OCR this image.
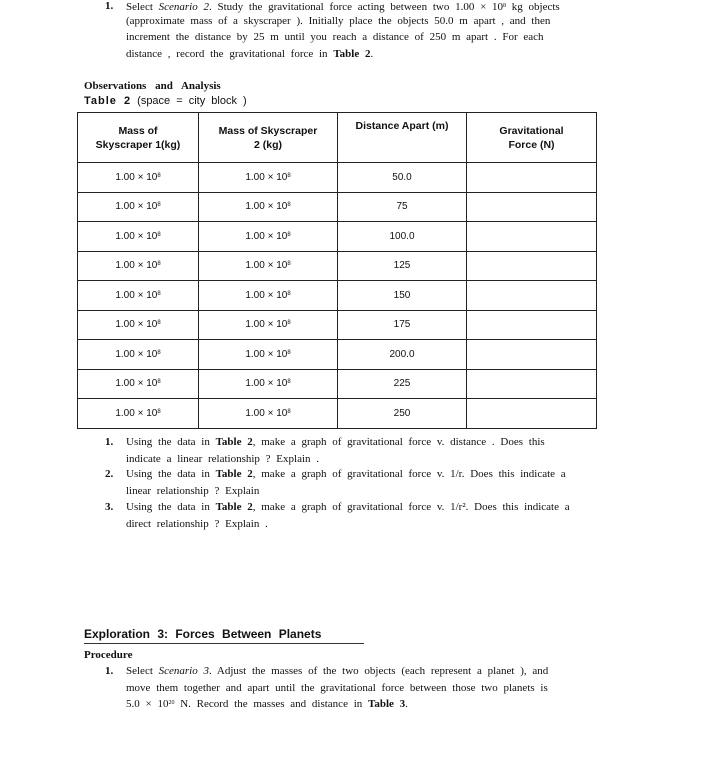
1. Select Scenario 2. Study the gravitational force acting between two $1.00 \times 10^8$ kg objects
(approximate mass of a skyscraper ). Initially place the objects 50.0 m apart , and then
increment the distance by 25 m until you reach a distance of 250 m apart . For each
distance , record the gravitational force in Table 2.
Observations and Analysis
Table 2 (space = city block )
Mass of
Skyscraper 1(kg)	Mass of Skyscraper
2 (kg)	Distance Apart (m)	Gravitational
Force (N)
$1.00 \times 10^8$	$1.00 \times 10^8$	50.0	
$1.00 \times 10^8$	$1.00 \times 10^8$	75	
$1.00 \times 10^8$	$1.00 \times 10^8$	100.0	
$1.00 \times 10^8$	$1.00 \times 10^8$	125	
$1.00 \times 10^8$	$1.00 \times 10^8$	150	
$1.00 \times 10^8$	$1.00 \times 10^8$	175	
$1.00 \times 10^8$	$1.00 \times 10^8$	200.0	
$1.00 \times 10^8$	$1.00 \times 10^8$	225	
$1.00 \times 10^8$	$1.00 \times 10^8$	250	
1. Using the data in Table 2, make a graph of gravitational force v. distance . Does this
indicate a linear relationship ? Explain .
2. Using the data in Table 2, make a graph of gravitational force v. 1/r. Does this indicate a
linear relationship ? Explain
3. Using the data in Table 2, make a graph of gravitational force v. 1/r². Does this indicate a
direct relationship ? Explain .
Exploration 3: Forces Between Planets
Procedure
1. Select Scenario 3. Adjust the masses of the two objects (each represent a planet ), and
move them together and apart until the gravitational force between those two planets is
$5.0 \times 10^{20}$ N. Record the masses and distance in Table 3.
